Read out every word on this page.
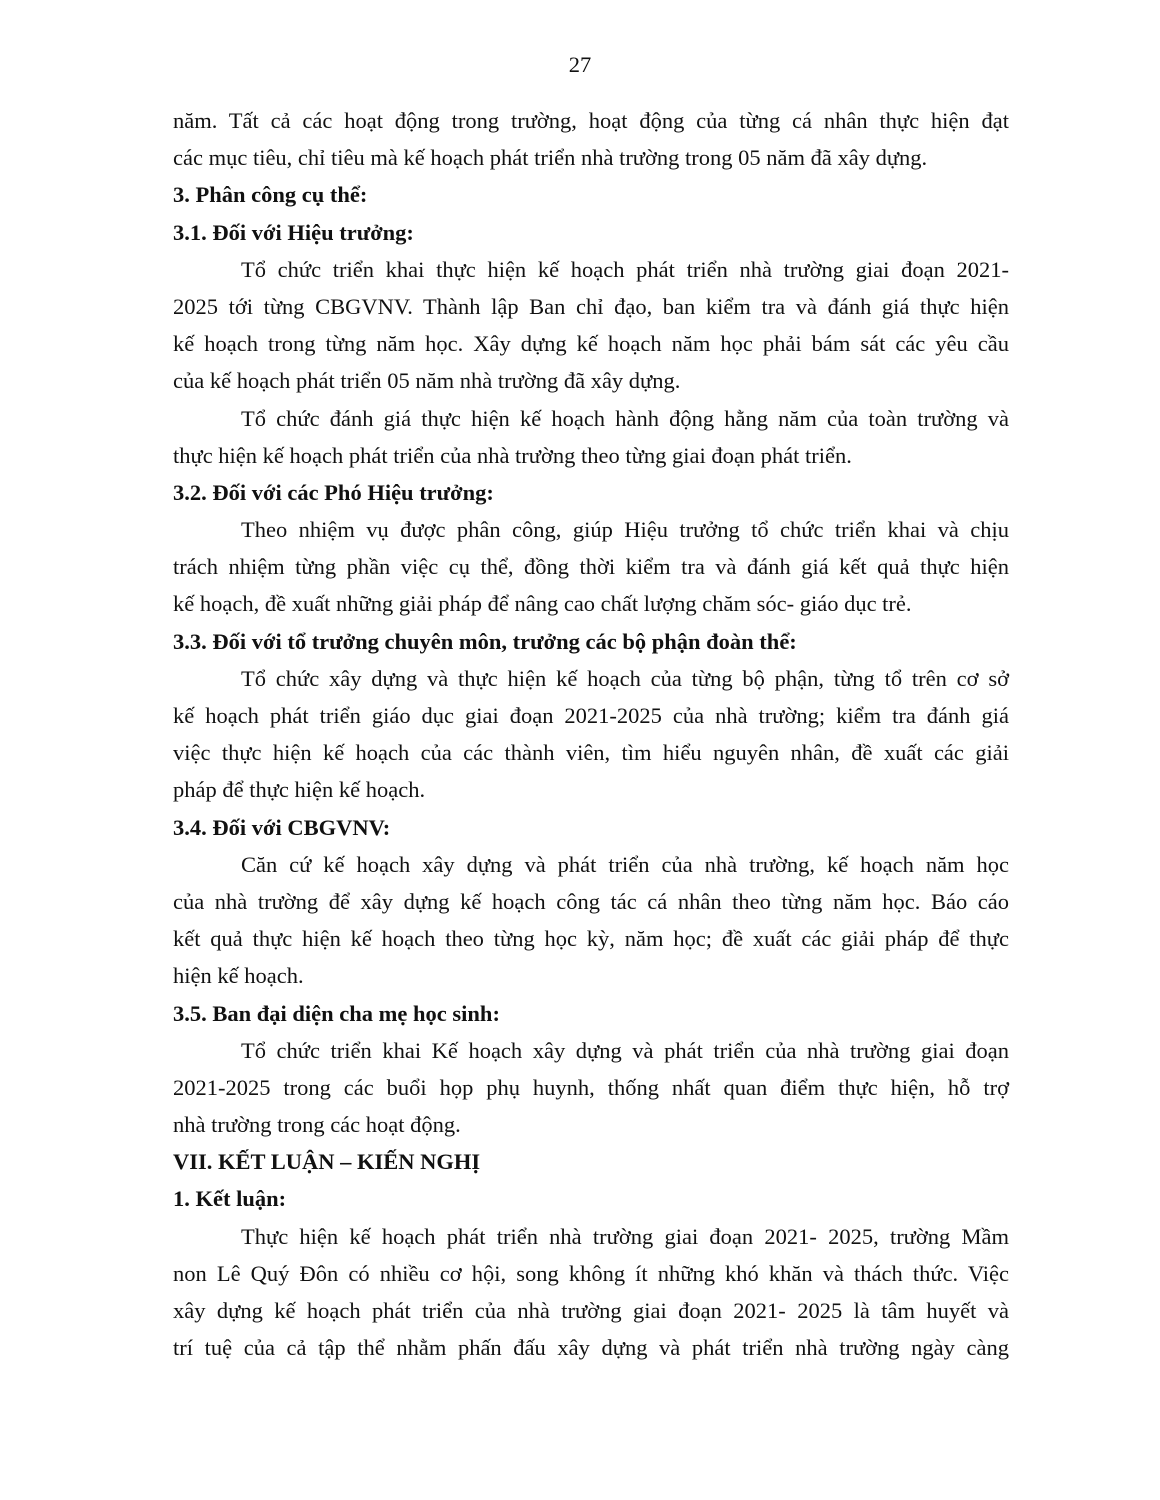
27
năm. Tất cả các hoạt động trong trường, hoạt động của từng cá nhân thực hiện đạt
các mục tiêu, chỉ tiêu mà kế hoạch phát triển nhà trường trong 05 năm đã xây dựng.
3. Phân công cụ thể:
3.1. Đối với Hiệu trưởng:
Tổ chức triển khai thực hiện kế hoạch phát triển nhà trường giai đoạn 2021-
2025 tới từng CBGVNV. Thành lập Ban chỉ đạo, ban kiểm tra và đánh giá thực hiện
kế hoạch trong từng năm học. Xây dựng kế hoạch năm học phải bám sát các yêu cầu
của kế hoạch phát triển 05 năm nhà trường đã xây dựng.
Tổ chức đánh giá thực hiện kế hoạch hành động hằng năm của toàn trường và
thực hiện kế hoạch phát triển của nhà trường theo từng giai đoạn phát triển.
3.2. Đối với các Phó Hiệu trưởng:
Theo nhiệm vụ được phân công, giúp Hiệu trưởng tổ chức triển khai và chịu
trách nhiệm từng phần việc cụ thể, đồng thời kiểm tra và đánh giá kết quả thực hiện
kế hoạch, đề xuất những giải pháp để nâng cao chất lượng chăm sóc- giáo dục trẻ.
3.3. Đối với tổ trưởng chuyên môn, trưởng các bộ phận đoàn thể:
Tổ chức xây dựng và thực hiện kế hoạch của từng bộ phận, từng tổ trên cơ sở
kế hoạch phát triển giáo dục giai đoạn 2021-2025 của nhà trường; kiểm tra đánh giá
việc thực hiện kế hoạch của các thành viên, tìm hiểu nguyên nhân, đề xuất các giải
pháp để thực hiện kế hoạch.
3.4. Đối với CBGVNV:
Căn cứ kế hoạch xây dựng và phát triển của nhà trường, kế hoạch năm học
của nhà trường để xây dựng kế hoạch công tác cá nhân theo từng năm học. Báo cáo
kết quả thực hiện kế hoạch theo từng học kỳ, năm học; đề xuất các giải pháp để thực
hiện kế hoạch.
3.5. Ban đại diện cha mẹ học sinh:
Tổ chức triển khai Kế hoạch xây dựng và phát triển của nhà trường giai đoạn
2021-2025 trong các buổi họp phụ huynh, thống nhất quan điểm thực hiện, hỗ trợ
nhà trường trong các hoạt động.
VII. KẾT LUẬN – KIẾN NGHỊ
1. Kết luận:
Thực hiện kế hoạch phát triển nhà trường giai đoạn 2021- 2025, trường Mầm
non Lê Quý Đôn có nhiều cơ hội, song không ít những khó khăn và thách thức. Việc
xây dựng kế hoạch phát triển của nhà trường giai đoạn 2021- 2025 là tâm huyết và
trí tuệ của cả tập thể nhằm phấn đấu xây dựng và phát triển nhà trường ngày càng
